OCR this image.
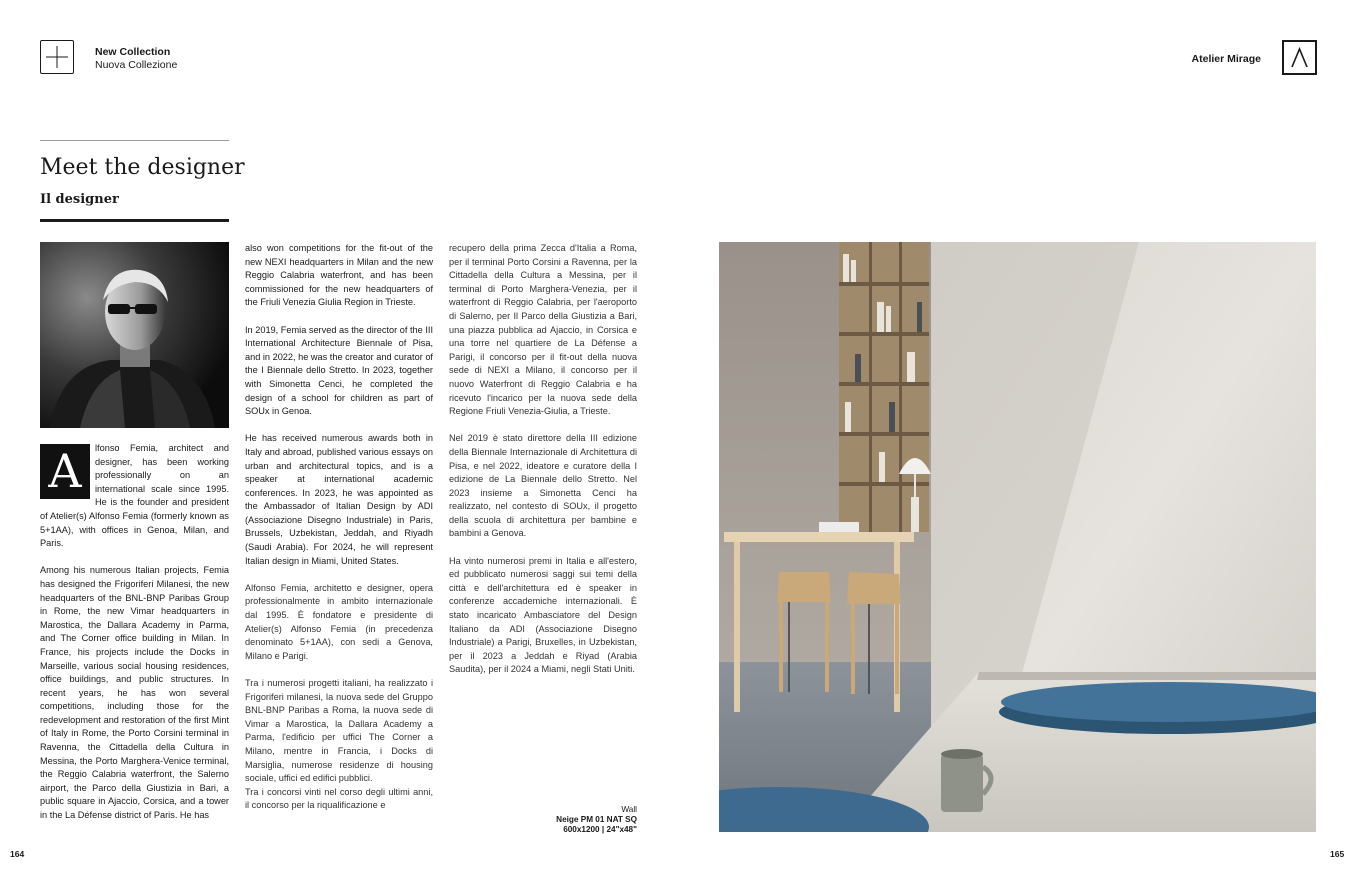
New Collection
Nuova Collezione	Atelier Mirage
Meet the designer
Il designer
A	lfonso Femia, architect and designer, has been working professionally on an international scale since 1995. He is the founder and president of Atelier(s) Alfonso Femia (formerly known as 5+1AA), with offices in Genoa, Milan, and Paris.

Among his numerous Italian projects, Femia has designed the Frigoriferi Milanesi, the new headquarters of the BNL-BNP Paribas Group in Rome, the new Vimar headquarters in Marostica, the Dallara Academy in Parma, and The Corner office building in Milan. In France, his projects include the Docks in Marseille, various social housing residences, office buildings, and public structures. In recent years, he has won several competitions, including those for the redevelopment and restoration of the first Mint of Italy in Rome, the Porto Corsini terminal in Ravenna, the Cittadella della Cultura in Messina, the Porto Marghera-Venice terminal, the Reggio Calabria waterfront, the Salerno airport, the Parco della Giustizia in Bari, a public square in Ajaccio, Corsica, and a tower in the La Défense district of Paris. He has

also won competitions for the fit-out of the new NEXI headquarters in Milan and the new Reggio Calabria waterfront, and has been commissioned for the new headquarters of the Friuli Venezia Giulia Region in Trieste.

In 2019, Femia served as the director of the III International Architecture Biennale of Pisa, and in 2022, he was the creator and curator of the I Biennale dello Stretto. In 2023, together with Simonetta Cenci, he completed the design of a school for children as part of SOUx in Genoa.

He has received numerous awards both in Italy and abroad, published various essays on urban and architectural topics, and is a speaker at international academic conferences. In 2023, he was appointed as the Ambassador of Italian Design by ADI (Associazione Disegno Industriale) in Paris, Brussels, Uzbekistan, Jeddah, and Riyadh (Saudi Arabia). For 2024, he will represent Italian design in Miami, United States.

Alfonso Femia, architetto e designer, opera professionalmente in ambito internazionale dal 1995. È fondatore e presidente di Atelier(s) Alfonso Femia (in precedenza denominato 5+1AA), con sedi a Genova, Milano e Parigi.

Tra i numerosi progetti italiani, ha realizzato i Frigoriferi milanesi, la nuova sede del Gruppo BNL-BNP Paribas a Roma, la nuova sede di Vimar a Marostica, la Dallara Academy a Parma, l'edificio per uffici The Corner a Milano, mentre in Francia, i Docks di Marsiglia, numerose residenze di housing sociale, uffici ed edifici pubblici.

Tra i concorsi vinti nel corso degli ultimi anni, il concorso per la riqualificazione e

recupero della prima Zecca d'Italia a Roma, per il terminal Porto Corsini a Ravenna, per la Cittadella della Cultura a Messina, per il terminal di Porto Marghera-Venezia, per il waterfront di Reggio Calabria, per l'aeroporto di Salerno, per Il Parco della Giustizia a Bari, una piazza pubblica ad Ajaccio, in Corsica e una torre nel quartiere de La Défense a Parigi, il concorso per il fit-out della nuova sede di NEXI a Milano, il concorso per il nuovo Waterfront di Reggio Calabria e ha ricevuto l'incarico per la nuova sede della Regione Friuli Venezia-Giulia, a Trieste.

Nel 2019 è stato direttore della III edizione della Biennale Internazionale di Architettura di Pisa, e nel 2022, ideatore e curatore della I edizione de La Biennale dello Stretto. Nel 2023 insieme a Simonetta Cenci ha realizzato, nel contesto di SOUx, il progetto della scuola di architettura per bambine e bambini a Genova.

Ha vinto numerosi premi in Italia e all'estero, ed pubblicato numerosi saggi sui temi della città e dell'architettura ed è speaker in conferenze accademiche internazionali. È stato incaricato Ambasciatore del Design Italiano da ADI (Associazione Disegno Industriale) a Parigi, Bruxelles, in Uzbekistan, per il 2023 a Jeddah e Riyad (Arabia Saudita), per il 2024 a Miami, negli Stati Uniti.

Wall
Neige PM 01 NAT SQ
600x1200 | 24"x48"
164	165
